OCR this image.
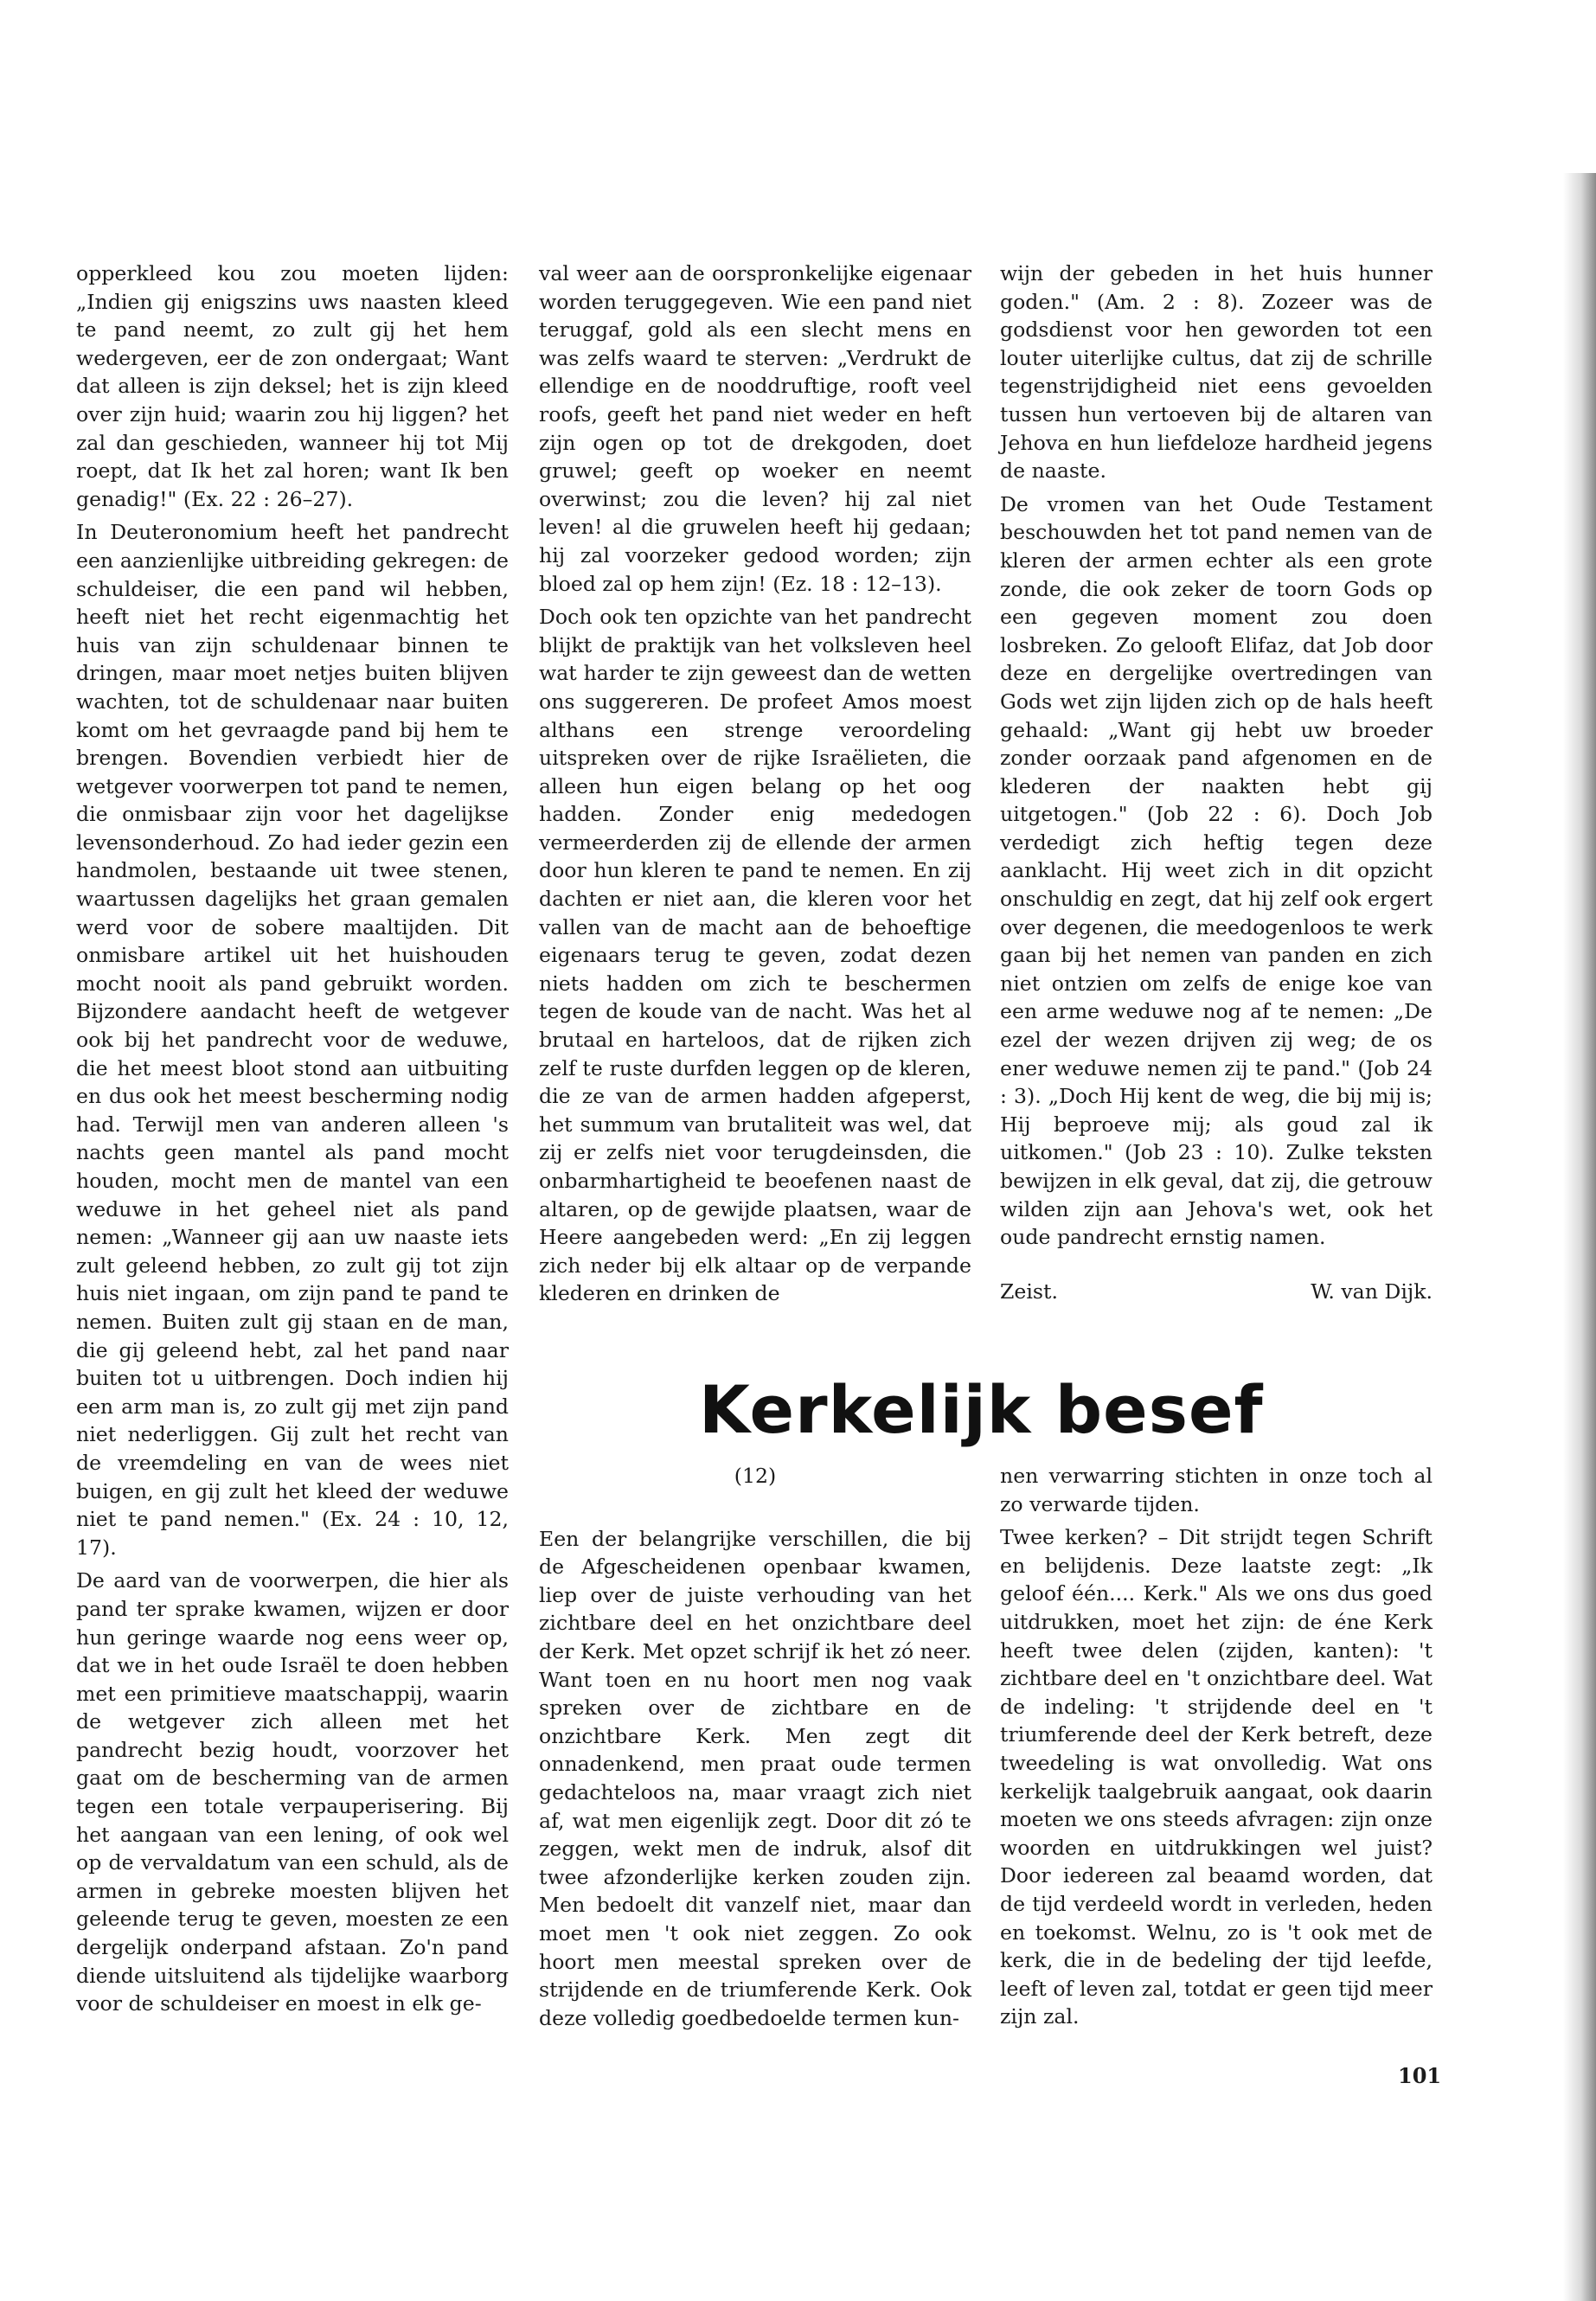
opperkleed kou zou moeten lijden: „Indien gij enigszins uws naasten kleed te pand neemt, zo zult gij het hem wedergeven, eer de zon ondergaat; Want dat alleen is zijn deksel; het is zijn kleed over zijn huid; waarin zou hij liggen? het zal dan geschieden, wanneer hij tot Mij roept, dat Ik het zal horen; want Ik ben genadig!" (Ex. 22 : 26–27).

In Deuteronomium heeft het pandrecht een aanzienlijke uitbreiding gekregen: de schuldeiser, die een pand wil hebben, heeft niet het recht eigenmachtig het huis van zijn schuldenaar binnen te dringen, maar moet netjes buiten blijven wachten, tot de schuldenaar naar buiten komt om het gevraagde pand bij hem te brengen. Bovendien verbiedt hier de wetgever voorwerpen tot pand te nemen, die onmisbaar zijn voor het dagelijkse levensonderhoud. Zo had ieder gezin een handmolen, bestaande uit twee stenen, waartussen dagelijks het graan gemalen werd voor de sobere maaltijden. Dit onmisbare artikel uit het huishouden mocht nooit als pand gebruikt worden. Bijzondere aandacht heeft de wetgever ook bij het pandrecht voor de weduwe, die het meest bloot stond aan uitbuiting en dus ook het meest bescherming nodig had. Terwijl men van anderen alleen 's nachts geen mantel als pand mocht houden, mocht men de mantel van een weduwe in het geheel niet als pand nemen: „Wanneer gij aan uw naaste iets zult geleend hebben, zo zult gij tot zijn huis niet ingaan, om zijn pand te pand te nemen. Buiten zult gij staan en de man, die gij geleend hebt, zal het pand naar buiten tot u uitbrengen. Doch indien hij een arm man is, zo zult gij met zijn pand niet nederliggen. Gij zult het recht van de vreemdeling en van de wees niet buigen, en gij zult het kleed der weduwe niet te pand nemen." (Ex. 24 : 10, 12, 17).

De aard van de voorwerpen, die hier als pand ter sprake kwamen, wijzen er door hun geringe waarde nog eens weer op, dat we in het oude Israël te doen hebben met een primitieve maatschappij, waarin de wetgever zich alleen met het pandrecht bezig houdt, voorzover het gaat om de bescherming van de armen tegen een totale verpauperisering. Bij het aangaan van een lening, of ook wel op de vervaldatum van een schuld, als de armen in gebreke moesten blijven het geleende terug te geven, moesten ze een dergelijk onderpand afstaan. Zo'n pand diende uitsluitend als tijdelijke waarborg voor de schuldeiser en moest in elk ge-

val weer aan de oorspronkelijke eigenaar worden teruggegeven. Wie een pand niet teruggaf, gold als een slecht mens en was zelfs waard te sterven: „Verdrukt de ellendige en de nooddruftige, rooft veel roofs, geeft het pand niet weder en heft zijn ogen op tot de drekgoden, doet gruwel; geeft op woeker en neemt overwinst; zou die leven? hij zal niet leven! al die gruwelen heeft hij gedaan; hij zal voorzeker gedood worden; zijn bloed zal op hem zijn! (Ez. 18 : 12–13).

Doch ook ten opzichte van het pandrecht blijkt de praktijk van het volksleven heel wat harder te zijn geweest dan de wetten ons suggereren. De profeet Amos moest althans een strenge veroordeling uitspreken over de rijke Israëlieten, die alleen hun eigen belang op het oog hadden. Zonder enig mededogen vermeerderden zij de ellende der armen door hun kleren te pand te nemen. En zij dachten er niet aan, die kleren voor het vallen van de macht aan de behoeftige eigenaars terug te geven, zodat dezen niets hadden om zich te beschermen tegen de koude van de nacht. Was het al brutaal en harteloos, dat de rijken zich zelf te ruste durfden leggen op de kleren, die ze van de armen hadden afgeperst, het summum van brutaliteit was wel, dat zij er zelfs niet voor terugdeinsden, die onbarmhartigheid te beoefenen naast de altaren, op de gewijde plaatsen, waar de Heere aangebeden werd: „En zij leggen zich neder bij elk altaar op de verpande klederen en drinken de

wijn der gebeden in het huis hunner goden." (Am. 2 : 8). Zozeer was de godsdienst voor hen geworden tot een louter uiterlijke cultus, dat zij de schrille tegenstrijdigheid niet eens gevoelden tussen hun vertoeven bij de altaren van Jehova en hun liefdeloze hardheid jegens de naaste.

De vromen van het Oude Testament beschouwden het tot pand nemen van de kleren der armen echter als een grote zonde, die ook zeker de toorn Gods op een gegeven moment zou doen losbreken. Zo gelooft Elifaz, dat Job door deze en dergelijke overtredingen van Gods wet zijn lijden zich op de hals heeft gehaald: „Want gij hebt uw broeder zonder oorzaak pand afgenomen en de klederen der naakten hebt gij uitgetogen." (Job 22 : 6). Doch Job verdedigt zich heftig tegen deze aanklacht. Hij weet zich in dit opzicht onschuldig en zegt, dat hij zelf ook ergert over degenen, die meedogenloos te werk gaan bij het nemen van panden en zich niet ontzien om zelfs de enige koe van een arme weduwe nog af te nemen: „De ezel der wezen drijven zij weg; de os ener weduwe nemen zij te pand." (Job 24 : 3). „Doch Hij kent de weg, die bij mij is; Hij beproeve mij; als goud zal ik uitkomen." (Job 23 : 10). Zulke teksten bewijzen in elk geval, dat zij, die getrouw wilden zijn aan Jehova's wet, ook het oude pandrecht ernstig namen.

Zeist.	W. van Dijk.
Kerkelijk besef
(12)

Een der belangrijke verschillen, die bij de Afgescheidenen openbaar kwamen, liep over de juiste verhouding van het zichtbare deel en het onzichtbare deel der Kerk. Met opzet schrijf ik het zó neer. Want toen en nu hoort men nog vaak spreken over de zichtbare en de onzichtbare Kerk. Men zegt dit onnadenkend, men praat oude termen gedachteloos na, maar vraagt zich niet af, wat men eigenlijk zegt. Door dit zó te zeggen, wekt men de indruk, alsof dit twee afzonderlijke kerken zouden zijn. Men bedoelt dit vanzelf niet, maar dan moet men 't ook niet zeggen. Zo ook hoort men meestal spreken over de strijdende en de triumferende Kerk. Ook deze volledig goedbedoelde termen kun-

nen verwarring stichten in onze toch al zo verwarde tijden.

Twee kerken? – Dit strijdt tegen Schrift en belijdenis. Deze laatste zegt: „Ik geloof één.... Kerk." Als we ons dus goed uitdrukken, moet het zijn: de éne Kerk heeft twee delen (zijden, kanten): 't zichtbare deel en 't onzichtbare deel. Wat de indeling: 't strijdende deel en 't triumferende deel der Kerk betreft, deze tweedeling is wat onvolledig. Wat ons kerkelijk taalgebruik aangaat, ook daarin moeten we ons steeds afvragen: zijn onze woorden en uitdrukkingen wel juist? Door iedereen zal beaamd worden, dat de tijd verdeeld wordt in verleden, heden en toekomst. Welnu, zo is 't ook met de kerk, die in de bedeling der tijd leefde, leeft of leven zal, totdat er geen tijd meer zijn zal.

101
